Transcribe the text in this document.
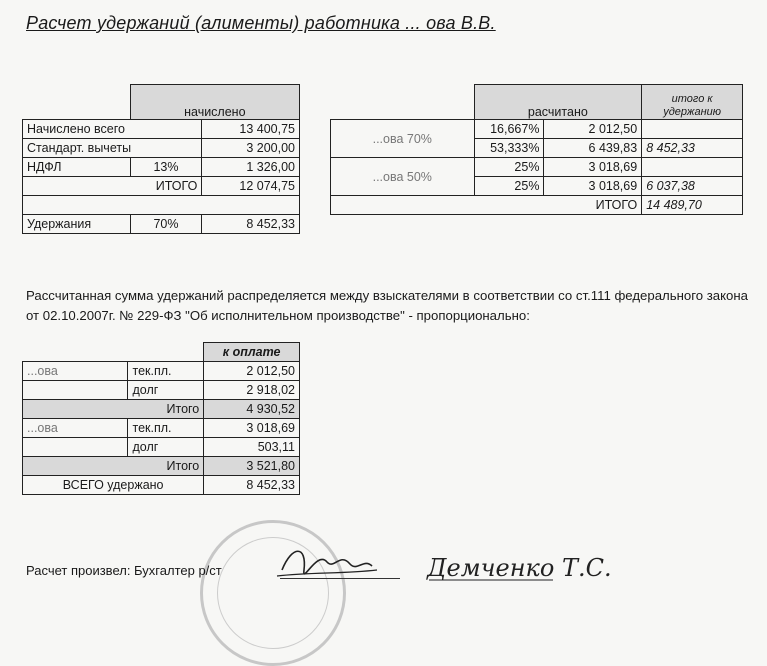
Расчет удержаний (алименты) работника ... ова В.В.
	начислено	
Начислено всего		13 400,75
Стандарт. вычеты		3 200,00
НДФЛ	13%	1 326,00
ИТОГО		12 074,75

Удержания	70%	8 452,33
	расчитано		итого к удержанию
...ова 70%	16,667%	2 012,50	
	53,333%	6 439,83	8 452,33
...ова 50%	25%	3 018,69	
	25%	3 018,69	6 037,38
ИТОГО			14 489,70
Рассчитанная сумма удержаний распределяется между взыскателями в соответствии со ст.111 федерального закона от 02.10.2007г. № 229-ФЗ "Об исполнительном производстве" - пропорционально:
		к оплате
...ова	тек.пл.	2 012,50
	долг	2 918,02
Итого		4 930,52
...ова	тек.пл.	3 018,69
	долг	503,11
Итого		3 521,80
ВСЕГО удержано		8 452,33
Расчет произвел: Бухгалтер р/ст	Демченко Т.С.
